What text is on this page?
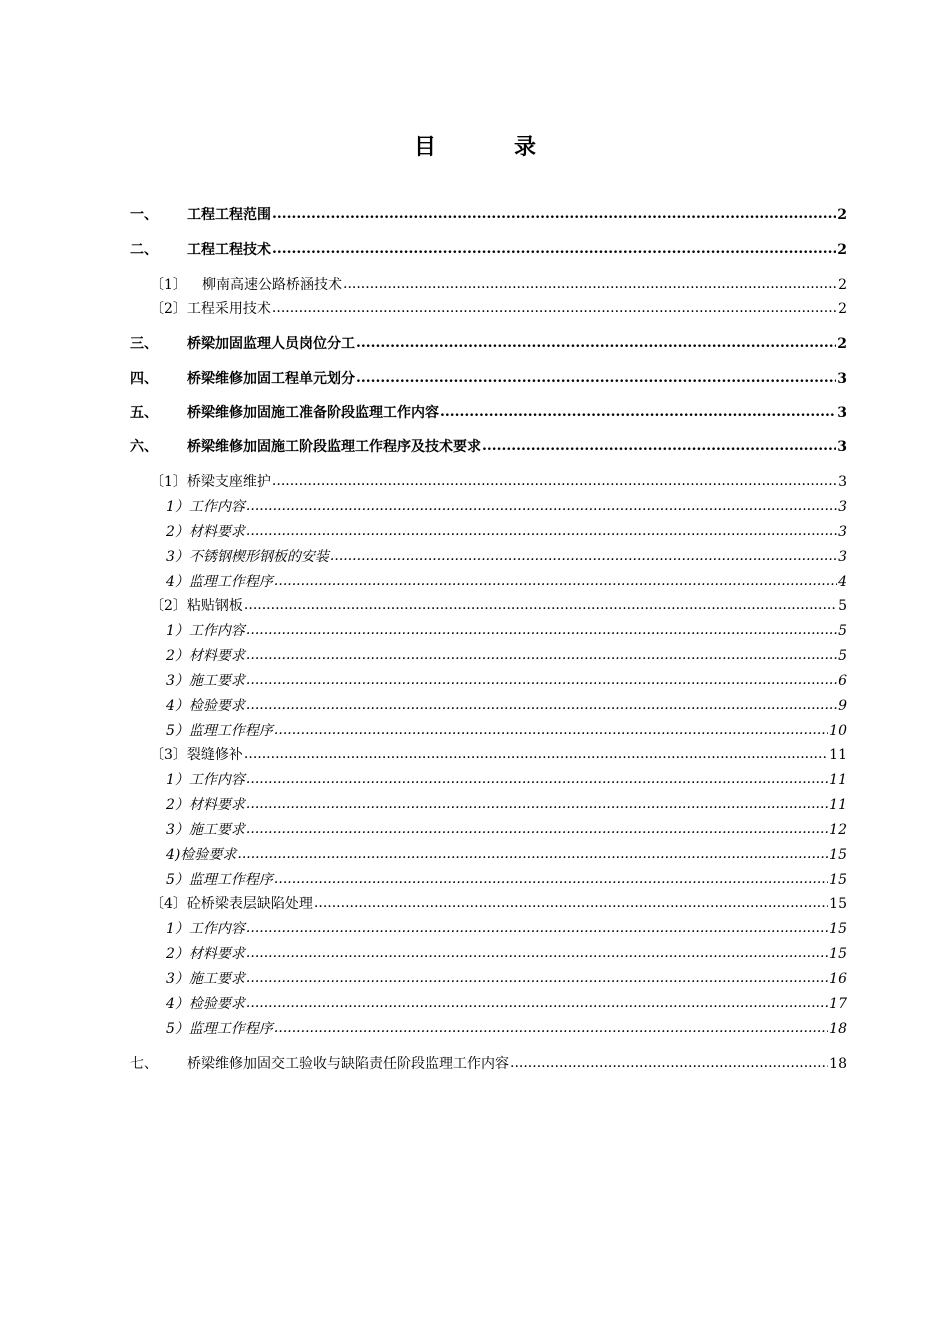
目　录
一、	工程工程范围 .....	2
二、	工程工程技术 .....	2
〔1〕	柳南高速公路桥涵技术 .....	2
〔2〕 工程采用技术 .....	2
三、	桥梁加固监理人员岗位分工 .....	2
四、	桥梁维修加固工程单元划分 .....	3
五、	桥梁维修加固施工准备阶段监理工作内容 .....	3
六、	桥梁维修加固施工阶段监理工作程序及技术要求 .....	3
〔1〕 桥梁支座维护 .....	3
1） 工作内容 .....	3
2） 材料要求 .....	3
3） 不锈钢楔形钢板的安装 .....	3
4） 监理工作程序 .....	4
〔2〕 粘贴钢板 .....	5
1） 工作内容 .....	5
2） 材料要求 .....	5
3） 施工要求 .....	6
4） 检验要求 .....	9
5） 监理工作程序 .....	10
〔3〕 裂缝修补 .....	11
1） 工作内容 .....	11
2） 材料要求 .....	11
3） 施工要求 .....	12
4) 检验要求 .....	15
5） 监理工作程序 .....	15
〔4〕 砼桥梁表层缺陷处理 .....	15
1） 工作内容 .....	15
2） 材料要求 .....	15
3） 施工要求 .....	16
4） 检验要求 .....	17
5） 监理工作程序 .....	18
七、	桥梁维修加固交工验收与缺陷责任阶段监理工作内容 .....	18
